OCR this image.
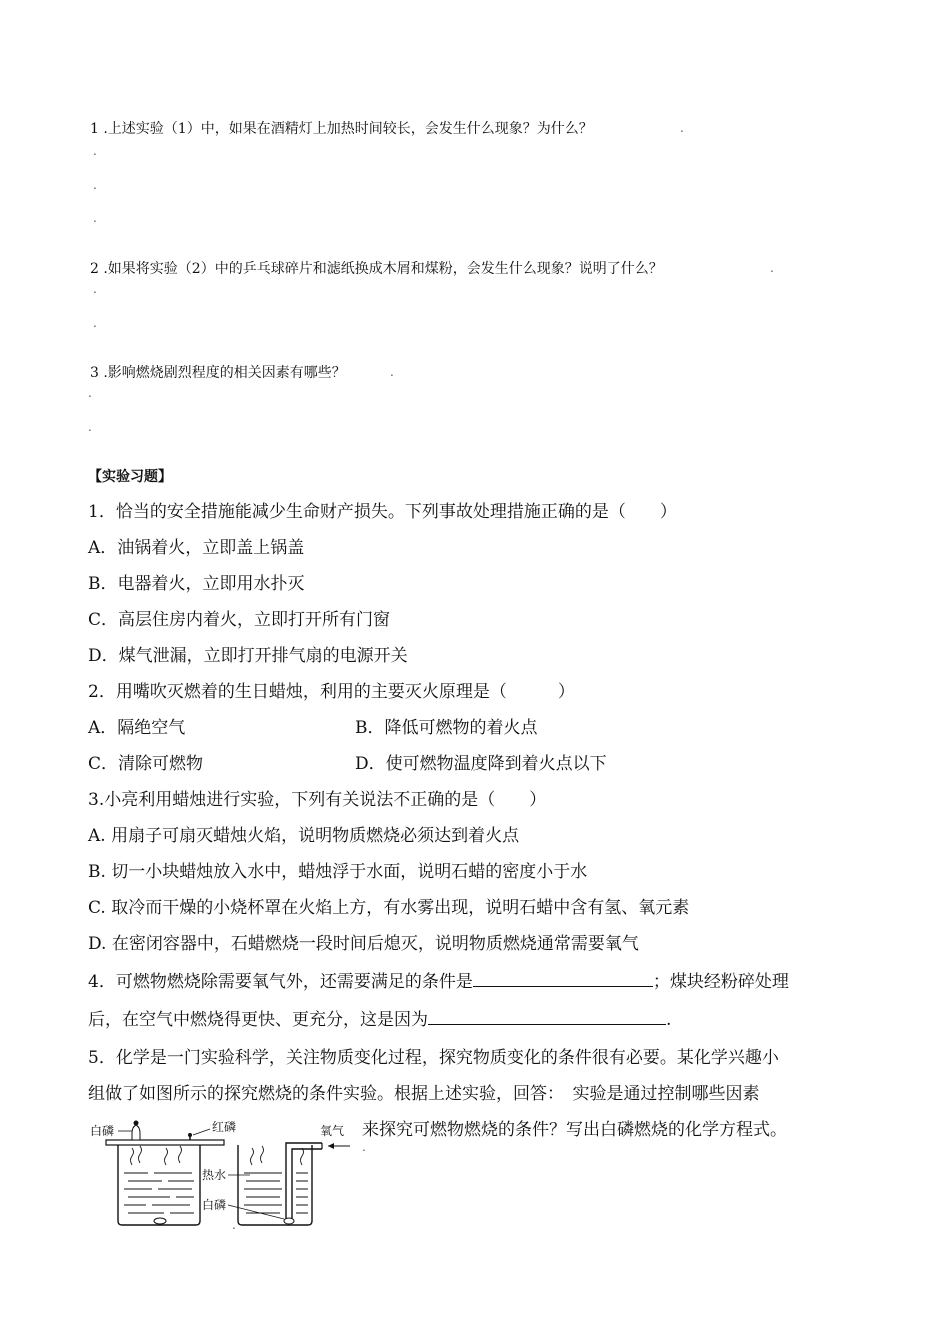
1 .上述实验（1）中，如果在酒精灯上加热时间较长，会发生什么现象？为什么？	.
.
.
.
2 .如果将实验（2）中的乒乓球碎片和滤纸换成木屑和煤粉，会发生什么现象？说明了什么？	.
.
.
3 .影响燃烧剧烈程度的相关因素有哪些？	.
.
.
【实验习题】
1．恰当的安全措施能减少生命财产损失。下列事故处理措施正确的是（　　）
A．油锅着火，立即盖上锅盖
B．电器着火，立即用水扑灭
C．高层住房内着火，立即打开所有门窗
D．煤气泄漏，立即打开排气扇的电源开关
2．用嘴吹灭燃着的生日蜡烛，利用的主要灭火原理是（　　　）
A．隔绝空气	B．降低可燃物的着火点
C．清除可燃物	D．使可燃物温度降到着火点以下
3.小亮利用蜡烛进行实验，下列有关说法不正确的是（　　）
A. 用扇子可扇灭蜡烛火焰，说明物质燃烧必须达到着火点
B. 切一小块蜡烛放入水中，蜡烛浮于水面，说明石蜡的密度小于水
C. 取冷而干燥的小烧杯罩在火焰上方，有水雾出现，说明石蜡中含有氢、氧元素
D. 在密闭容器中，石蜡燃烧一段时间后熄灭，说明物质燃烧通常需要氧气
4．可燃物燃烧除需要氧气外，还需要满足的条件是	；煤块经粉碎处理
后，在空气中燃烧得更快、更充分，这是因为	.
5．化学是一门实验科学，关注物质变化过程，探究物质变化的条件很有必要。某化学兴趣小
组做了如图所示的探究燃烧的条件实验。根据上述实验，回答：　实验是通过控制哪些因素
来探究可燃物燃烧的条件？写出白磷燃烧的化学方程式。
.
白磷	红磷	氧气
热水
白磷
.
